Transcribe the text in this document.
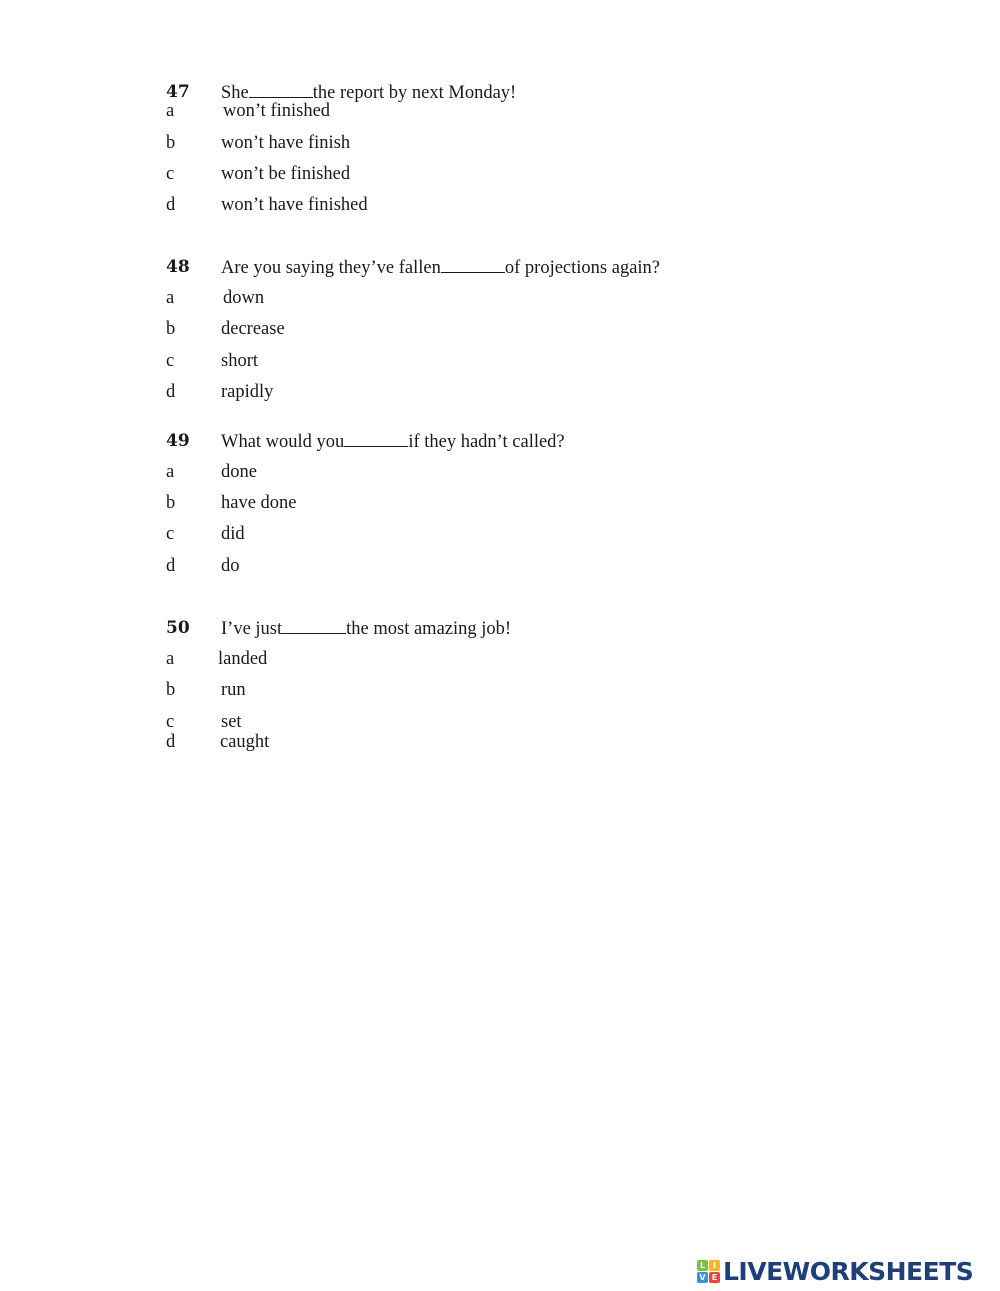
47 She	the report by next Monday!
a	won’t finished
b won’t have finish
c	won’t be finished
d won’t have finished
48 Are you saying they’ve fallen	of projections again?
a	down
b decrease
c	short
d rapidly
49 What would you	if they hadn’t called?
a	done
b have done
c	did
d do
50 I’ve just	the most amazing job!
a landed
b run
c	set
d caught
L I
V E LIVEWORKSHEETS
